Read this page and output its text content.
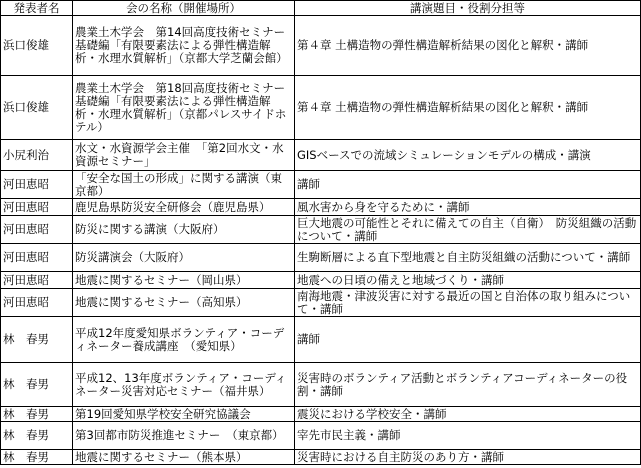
発表者名	会の名称（開催場所）	講演題目・役割分担等
浜口俊雄	農業土木学会　第14回高度技術セミナー基礎編「有限要素法による弾性構造解析・水理水質解析」（京都大学芝蘭会館）	第４章 土構造物の弾性構造解析結果の図化と解釈・講師
浜口俊雄	農業土木学会　第18回高度技術セミナー基礎編「有限要素法による弾性構造解析・水理水質解析」（京都パレスサイドホテル）	第４章 土構造物の弾性構造解析結果の図化と解釈・講師
小尻利治	水文・水資源学会主催　「第2回水文・水資源セミナー」	GISベースでの流域シミュレーションモデルの構成・講演
河田恵昭	「安全な国土の形成」に関する講演（東京都）	講師
河田恵昭	鹿児島県防災安全研修会（鹿児島県）	風水害から身を守るために・講師
河田恵昭	防災に関する講演（大阪府）	巨大地震の可能性とそれに備えての自主（自衛）　防災組織の活動について・講師
河田恵昭	防災講演会（大阪府）	生駒断層による直下型地震と自主防災組織の活動について・講師
河田恵昭	地震に関するセミナー（岡山県）	地震への日頃の備えと地域づくり・講師
河田恵昭	地震に関するセミナー（高知県）	南海地震・津波災害に対する最近の国と自治体の取り組みについて・講師
林　春男	平成12年度愛知県ボランティア・コーディネーター養成講座　（愛知県）	講師
林　春男	平成12、13年度ボランティア・コーディネーター災害対応セミナー（福井県）	災害時のボランティア活動とボランティアコーディネーターの役割・講師
林　春男	第19回愛知県学校安全研究協議会	震災における学校安全・講師
林　春男	第3回都市防災推進セミナー　（東京都）	宰先市民主義・講師
林　春男	地震に関するセミナー（熊本県）	災害時における自主防災のあり方・講師
